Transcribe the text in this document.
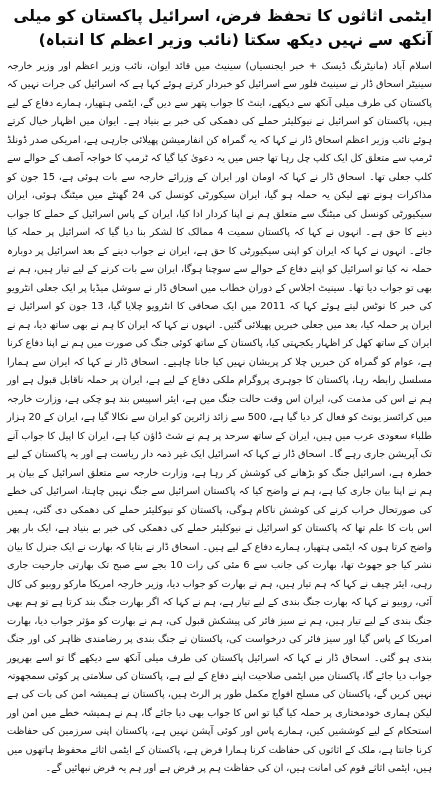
ایٹمی اثاثوں کا تحفظ فرض، اسرائیل پاکستان کو میلی آنکھ سے نہیں دیکھ سکتا (نائب وزیر اعظم کا انتباہ)

اسلام آباد (مانیٹرنگ ڈیسک + خبر ایجنسیاں) سینیٹ میں قائد ایوان، نائب وزیر اعظم اور وزیر خارجہ سینیٹر اسحاق ڈار نے سینیٹ فلور سے اسرائیل کو خبردار کرتے ہوئے کہا ہے کہ اسرائیل کی جرات نہیں کہ پاکستان کی طرف میلی آنکھ سے دیکھے، اینٹ کا جواب پتھر سے دیں گے، ایٹمی ہتھیار، ہمارے دفاع کے لیے ہیں، پاکستان کو اسرائیل نے نیوکلیئر حملے کی دھمکی کی خبر بے بنیاد ہے۔ ایوان میں اظہار خیال کرتے ہوئے نائب وزیر اعظم اسحاق ڈار نے کہا کہ یہ گمراہ کن انفارمیشن پھیلائی جارہی ہے، امریکی صدر ڈونلڈ ٹرمپ سے متعلق کل ایک کلپ چل رہا تھا جس میں یہ دعویٰ کیا گیا کہ ٹرمپ کا خواجہ آصف کے حوالے سے کلپ جعلی تھا۔ اسحاق ڈار نے کہا کہ اومان اور ایران کے وزرائے خارجہ سے بات ہوئی ہے، 15 جون کو مذاکرات ہونے تھے لیکن یہ حملہ ہو گیا، ایران سیکورٹی کونسل کی 24 گھنٹے میں میٹنگ ہوئی، ایران سیکیورٹی کونسل کی میٹنگ سے متعلق ہم نے اپنا کردار ادا کیا، ایران کے پاس اسرائیل کے حملے کا جواب دینے کا حق ہے۔ انہوں نے کہا کہ پاکستان سمیت 4 ممالک کا لشکر بنا دیا گیا کہ اسرائیل پر حملہ کیا جائے۔ انہوں نے کہا کہ ایران کو اپنی سیکیورٹی کا حق ہے، ایران نے جواب دینے کے بعد اسرائیل پر دوبارہ حملہ نہ کیا تو اسرائیل کو اپنے دفاع کے حوالے سے سوچنا ہوگا، ایران سے بات کرنے کے لیے تیار ہیں، ہم نے بھی تو جواب دیا تھا۔ سینیٹ اجلاس کے دوران خطاب میں اسحاق ڈار نے سوشل میڈیا پر ایک جعلی انٹرویو کی خبر کا نوٹس لیتے ہوئے کہا کہ 2011 میں ایک صحافی کا انٹرویو چلایا گیا، 13 جون کو اسرائیل نے ایران پر حملہ کیا، بعد میں جعلی خبریں پھیلائی گئیں۔ انہوں نے کہا کہ ایران کا ہم نے بھی ساتھ دیا، ہم نے ایران کے ساتھ کھل کر اظہار یکجہتی کیا، پاکستان کے ساتھ کوئی جنگ کی صورت میں ہم نے اپنا دفاع کرنا ہے، عوام کو گمراہ کن خبریں چلا کر پریشان نہیں کیا جانا چاہیے۔ اسحاق ڈار نے کہا کہ ایران سے ہمارا مسلسل رابطہ رہا، پاکستان کا جوہری پروگرام ملکی دفاع کے لیے ہے، ایران پر حملہ ناقابل قبول ہے اور ہم نے اس کی مذمت کی، ایران اس وقت حالت جنگ میں ہے، ایئر اسپیس بند ہو چکی ہے، وزارت خارجہ میں کرائسز یونٹ کو فعال کر دیا گیا ہے، 500 سے زائد زائرین کو ایران سے نکالا گیا ہے، ایران کے 20 ہزار طلباء سعودی عرب میں ہیں، ایران کے ساتھ سرحد پر ہم نے شٹ ڈاؤن کیا ہے، ایران کا اپیل کا جواب آنے تک آپریشن جاری رہے گا۔ اسحاق ڈار نے کہا کہ اسرائیل ایک غیر ذمہ دار ریاست ہے اور یہ پاکستان کے لیے خطرہ ہے، اسرائیل جنگ کو بڑھانے کی کوشش کر رہا ہے، وزارت خارجہ سے متعلق اسرائیل کے بیان پر ہم نے اپنا بیان جاری کیا ہے، ہم نے واضح کیا کہ پاکستان اسرائیل سے جنگ نہیں چاہتا، اسرائیل کی خطے کی صورتحال خراب کرنے کی کوشش ناکام ہوگی، پاکستان کو نیوکلیئر حملے کی دھمکی دی گئی، ہمیں اس بات کا علم تھا کہ پاکستان کو اسرائیل نے نیوکلیئر حملے کی دھمکی کی خبر بے بنیاد ہے، ایک بار پھر واضح کرتا ہوں کہ ایٹمی ہتھیار، ہمارے دفاع کے لیے ہیں۔ اسحاق ڈار نے بتایا کہ بھارت نے ایک جنرل کا بیان نشر کیا جو جھوٹ تھا، بھارت کی جانب سے 6 مئی کی رات 10 بجے سے صبح تک بھارتی جارحیت جاری رہی، ایئر چیف نے کہا کہ ہم تیار ہیں، ہم نے بھارت کو جواب دیا، وزیر خارجہ امریکا مارکو روبیو کی کال آئی، روبیو نے کہا کہ بھارت جنگ بندی کے لیے تیار ہے، ہم نے کہا کہ اگر بھارت جنگ بند کرتا ہے تو ہم بھی جنگ بندی کے لیے تیار ہیں، ہم نے سیز فائر کی پیشکش قبول کی، ہم نے بھارت کو مؤثر جواب دیا، بھارت امریکا کے پاس گیا اور سیز فائر کی درخواست کی، پاکستان نے جنگ بندی پر رضامندی ظاہر کی اور جنگ بندی ہو گئی۔ اسحاق ڈار نے کہا کہ اسرائیل پاکستان کی طرف میلی آنکھ سے دیکھے گا تو اسے بھرپور جواب دیا جائے گا، پاکستان میں ایٹمی صلاحیت اپنے دفاع کے لیے ہے، پاکستان کی سلامتی پر کوئی سمجھوتہ نہیں کریں گے، پاکستان کی مسلح افواج مکمل طور پر الرٹ ہیں، پاکستان نے ہمیشہ امن کی بات کی ہے لیکن ہماری خودمختاری پر حملہ کیا گیا تو اس کا جواب بھی دیا جائے گا، ہم نے ہمیشہ خطے میں امن اور استحکام کے لیے کوششیں کیں، ہمارے پاس اور کوئی آپشن نہیں ہے، پاکستان اپنی سرزمین کی حفاظت کرنا جانتا ہے، ملک کے اثاثوں کی حفاظت کرنا ہمارا فرض ہے، پاکستان کے ایٹمی اثاثے محفوظ ہاتھوں میں ہیں، ایٹمی اثاثے قوم کی امانت ہیں، ان کی حفاظت ہم پر فرض ہے اور ہم یہ فرض نبھائیں گے۔
